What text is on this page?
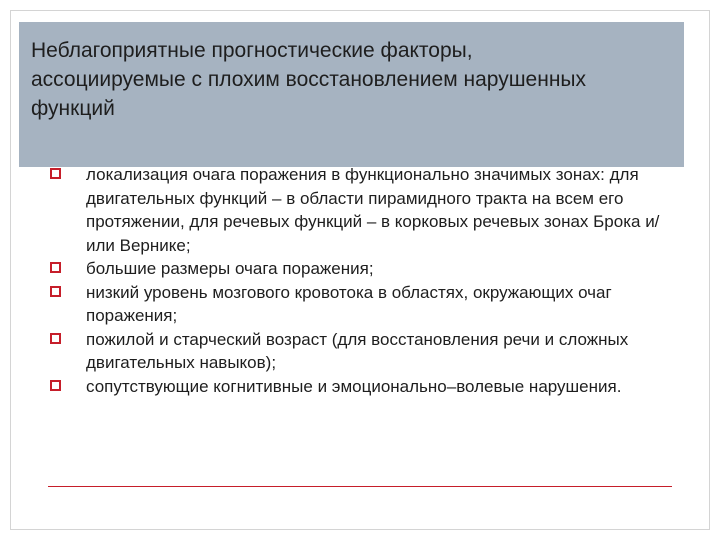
Неблагоприятные прогностические факторы,
ассоциируемые с плохим восстановлением нарушенных
функций
локализация очага поражения в функционально значимых зонах: для двигательных функций – в области пирамидного тракта на всем его протяжении, для речевых функций – в корковых речевых зонах Брока и/или Вернике;
большие размеры очага поражения;
низкий уровень мозгового кровотока в областях, окружающих очаг поражения;
пожилой и старческий возраст (для восстановления речи и сложных двигательных навыков);
сопутствующие когнитивные и эмоционально–волевые нарушения.
